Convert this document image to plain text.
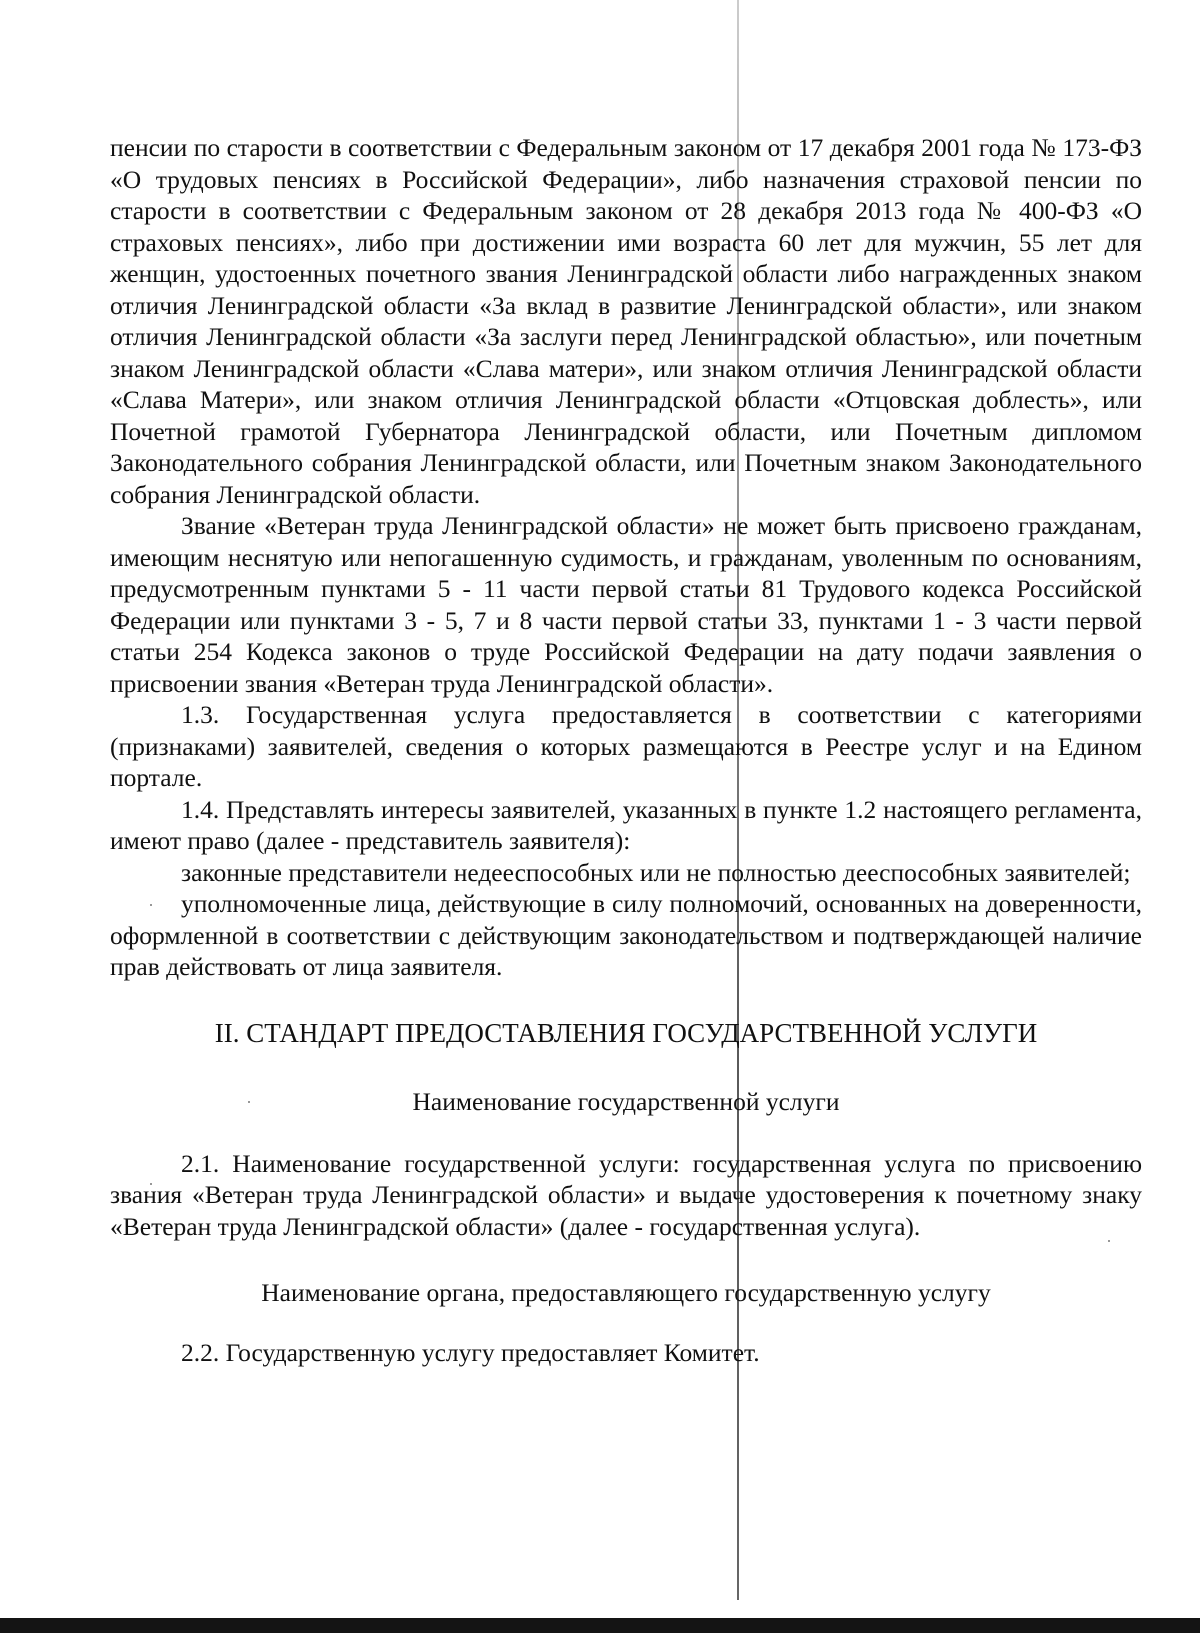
пенсии по старости в соответствии с Федеральным законом от 17 декабря 2001 года № 173-ФЗ «О трудовых пенсиях в Российской Федерации», либо назначения страховой пенсии по старости в соответствии с Федеральным законом от 28 декабря 2013 года № 400-ФЗ «О страховых пенсиях», либо при достижении ими возраста 60 лет для мужчин, 55 лет для женщин, удостоенных почетного звания Ленинградской области либо награжденных знаком отличия Ленинградской области «За вклад в развитие Ленинградской области», или знаком отличия Ленинградской области «За заслуги перед Ленинградской областью», или почетным знаком Ленинградской области «Слава матери», или знаком отличия Ленинградской области «Слава Матери», или знаком отличия Ленинградской области «Отцовская доблесть», или Почетной грамотой Губернатора Ленинградской области, или Почетным дипломом Законодательного собрания Ленинградской области, или Почетным знаком Законодательного собрания Ленинградской области.

Звание «Ветеран труда Ленинградской области» не может быть присвоено гражданам, имеющим неснятую или непогашенную судимость, и гражданам, уволенным по основаниям, предусмотренным пунктами 5 - 11 части первой статьи 81 Трудового кодекса Российской Федерации или пунктами 3 - 5, 7 и 8 части первой статьи 33, пунктами 1 - 3 части первой статьи 254 Кодекса законов о труде Российской Федерации на дату подачи заявления о присвоении звания «Ветеран труда Ленинградской области».

1.3. Государственная услуга предоставляется в соответствии с категориями (признаками) заявителей, сведения о которых размещаются в Реестре услуг и на Едином портале.

1.4. Представлять интересы заявителей, указанных в пункте 1.2 настоящего регламента, имеют право (далее - представитель заявителя):

законные представители недееспособных или не полностью дееспособных заявителей;

уполномоченные лица, действующие в силу полномочий, основанных на доверенности, оформленной в соответствии с действующим законодательством и подтверждающей наличие прав действовать от лица заявителя.

II. СТАНДАРТ ПРЕДОСТАВЛЕНИЯ ГОСУДАРСТВЕННОЙ УСЛУГИ

Наименование государственной услуги

2.1. Наименование государственной услуги: государственная услуга по присвоению звания «Ветеран труда Ленинградской области» и выдаче удостоверения к почетному знаку «Ветеран труда Ленинградской области» (далее - государственная услуга).

Наименование органа, предоставляющего государственную услугу

2.2. Государственную услугу предоставляет Комитет.
